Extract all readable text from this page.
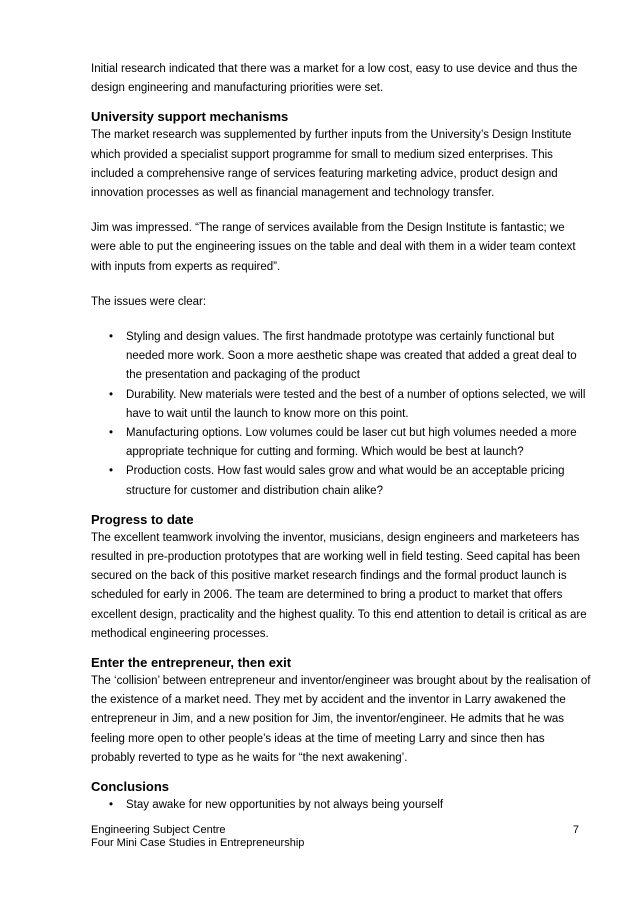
Initial research indicated that there was a market for a low cost, easy to use device and thus the design engineering and manufacturing priorities were set.

University support mechanisms

The market research was supplemented by further inputs from the University’s Design Institute which provided a specialist support programme for small to medium sized enterprises. This included a comprehensive range of services featuring marketing advice, product design and innovation processes as well as financial management and technology transfer.

Jim was impressed. “The range of services available from the Design Institute is fantastic; we were able to put the engineering issues on the table and deal with them in a wider team context with inputs from experts as required”.

The issues were clear:

• Styling and design values. The first handmade prototype was certainly functional but needed more work. Soon a more aesthetic shape was created that added a great deal to the presentation and packaging of the product
• Durability. New materials were tested and the best of a number of options selected, we will have to wait until the launch to know more on this point.
• Manufacturing options. Low volumes could be laser cut but high volumes needed a more appropriate technique for cutting and forming. Which would be best at launch?
• Production costs. How fast would sales grow and what would be an acceptable pricing structure for customer and distribution chain alike?
Progress to date

The excellent teamwork involving the inventor, musicians, design engineers and marketeers has resulted in pre-production prototypes that are working well in field testing. Seed capital has been secured on the back of this positive market research findings and the formal product launch is scheduled for early in 2006. The team are determined to bring a product to market that offers excellent design, practicality and the highest quality. To this end attention to detail is critical as are methodical engineering processes.

Enter the entrepreneur, then exit

The ‘collision’ between entrepreneur and inventor/engineer was brought about by the realisation of the existence of a market need. They met by accident and the inventor in Larry awakened the entrepreneur in Jim, and a new position for Jim, the inventor/engineer. He admits that he was feeling more open to other people’s ideas at the time of meeting Larry and since then has probably reverted to type as he waits for “the next awakening’.

Conclusions
• Stay awake for new opportunities by not always being yourself
Engineering Subject Centre
Four Mini Case Studies in Entrepreneurship
7
